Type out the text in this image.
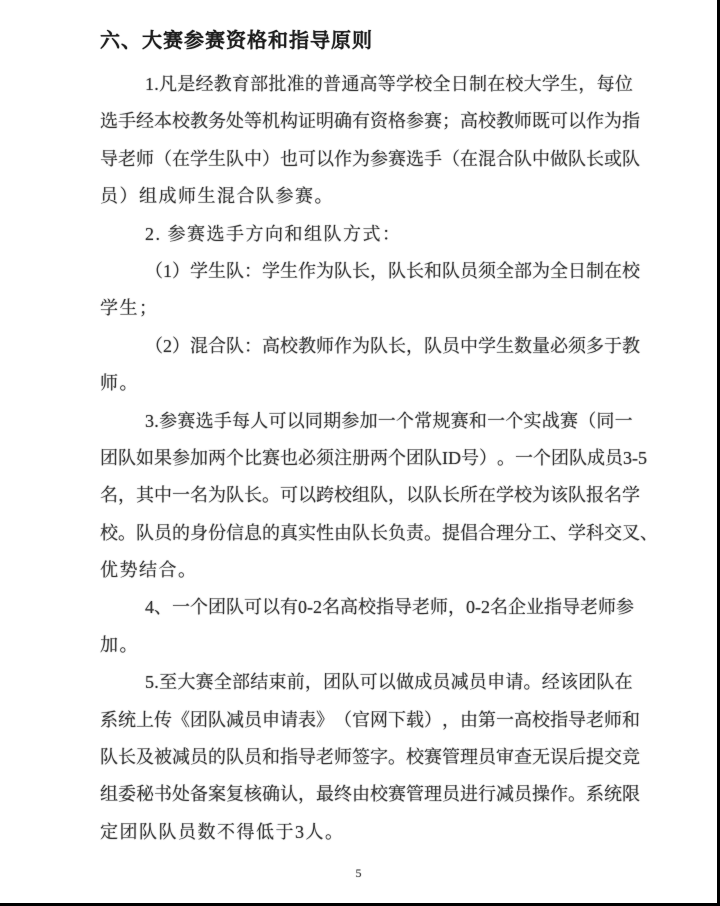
六、大赛参赛资格和指导原则
1 . 凡 是 经 教 育 部 批 准 的 普 通 高 等 学 校 全 日 制 在 校 大 学 生 ， 每 位
选 手 经 本 校 教 务 处 等 机 构 证 明 确 有 资 格 参 赛 ； 高 校 教 师 既 可 以 作 为 指
导 老 师 （ 在 学 生 队 中 ） 也 可 以 作 为 参 赛 选 手 （ 在 混 合 队 中 做 队 长 或 队
员）组成师生混合队参赛。
2. 参赛选手方向和组队方式：
（ 1 ） 学 生 队 ： 学 生 作 为 队 长 ， 队 长 和 队 员 须 全 部 为 全 日 制 在 校
学生；
（ 2 ） 混 合 队 ： 高 校 教 师 作 为 队 长 ， 队 员 中 学 生 数 量 必 须 多 于 教
师。
3 . 参 赛 选 手 每 人 可 以 同 期 参 加 一 个 常 规 赛 和 一 个 实 战 赛 （ 同 一
团 队 如 果 参 加 两 个 比 赛 也 必 须 注 册 两 个 团 队 I D 号 ） 。 一 个 团 队 成 员 3 - 5
名 ， 其 中 一 名 为 队 长 。 可 以 跨 校 组 队 ， 以 队 长 所 在 学 校 为 该 队 报 名 学
校 。 队 员 的 身 份 信 息 的 真 实 性 由 队 长 负 责 。 提 倡 合 理 分 工 、 学 科 交 叉 、
优势结合。
4 、 一 个 团 队 可 以 有 0 - 2 名 高 校 指 导 老 师 ， 0 - 2 名 企 业 指 导 老 师 参
加。
5 . 至 大 赛 全 部 结 束 前 ， 团 队 可 以 做 成 员 减 员 申 请 。 经 该 团 队 在
系 统 上 传 《 团 队 减 员 申 请 表 》 （ 官 网 下 载 ） ， 由 第 一 高 校 指 导 老 师 和
队 长 及 被 减 员 的 队 员 和 指 导 老 师 签 字 。 校 赛 管 理 员 审 查 无 误 后 提 交 竞
组 委 秘 书 处 备 案 复 核 确 认 ， 最 终 由 校 赛 管 理 员 进 行 减 员 操 作 。 系 统 限
定团队队员数不得低于3人。
5
